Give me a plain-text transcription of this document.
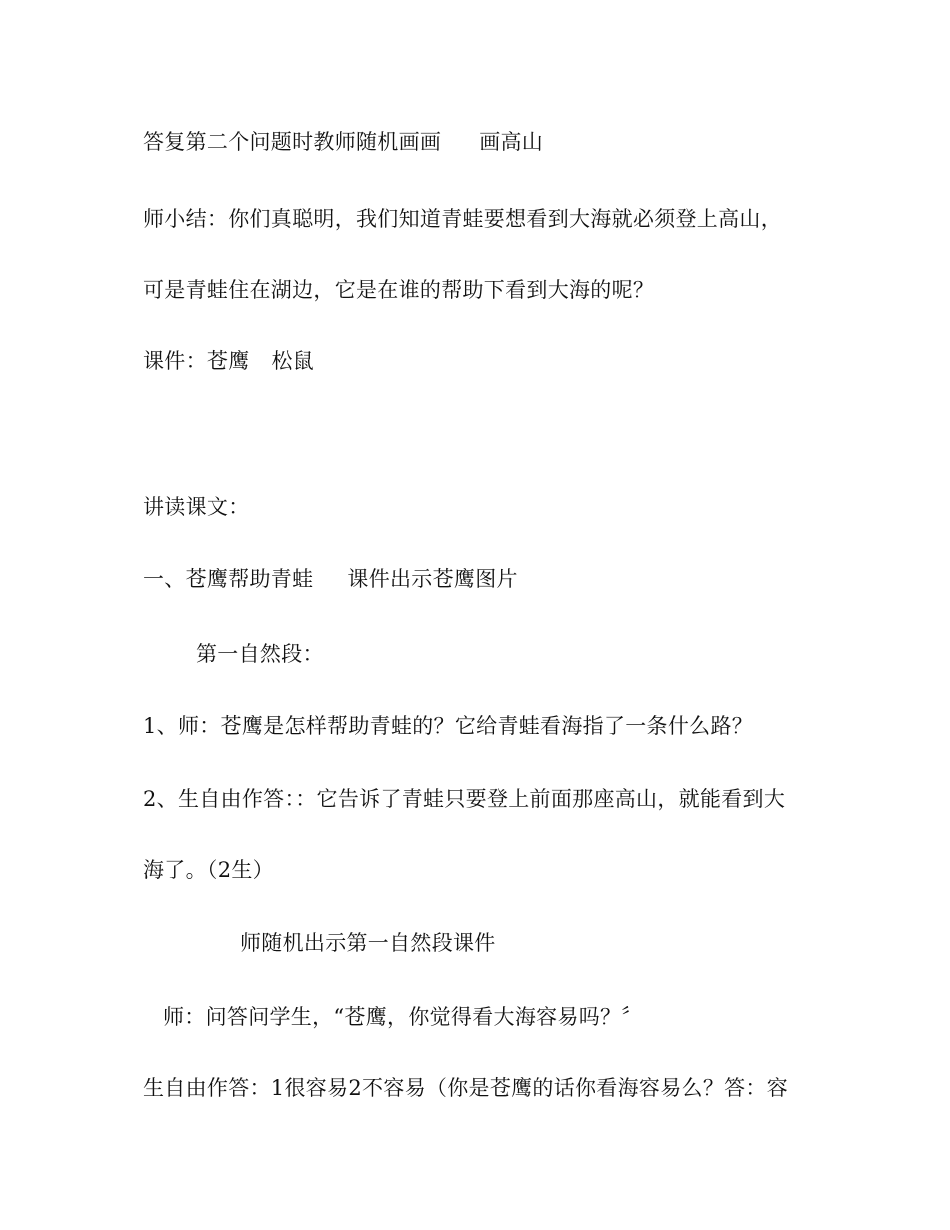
答复第二个问题时教师随机画画 画高山
师小结：你们真聪明，我们知道青蛙要想看到大海就必须登上高山，
可是青蛙住在湖边，它是在谁的帮助下看到大海的呢？
课件：苍鹰 松鼠
讲读课文：
一、苍鹰帮助青蛙 课件出示苍鹰图片
第一自然段：
1、师：苍鹰是怎样帮助青蛙的？它给青蛙看海指了一条什么路？
2、生自由作答：：它告诉了青蛙只要登上前面那座高山，就能看到大
海了。（2生）
师随机出示第一自然段课件
师：问答问学生，“苍鹰，你觉得看大海容易吗？〞
生自由作答：1很容易2不容易（你是苍鹰的话你看海容易么？答：容
